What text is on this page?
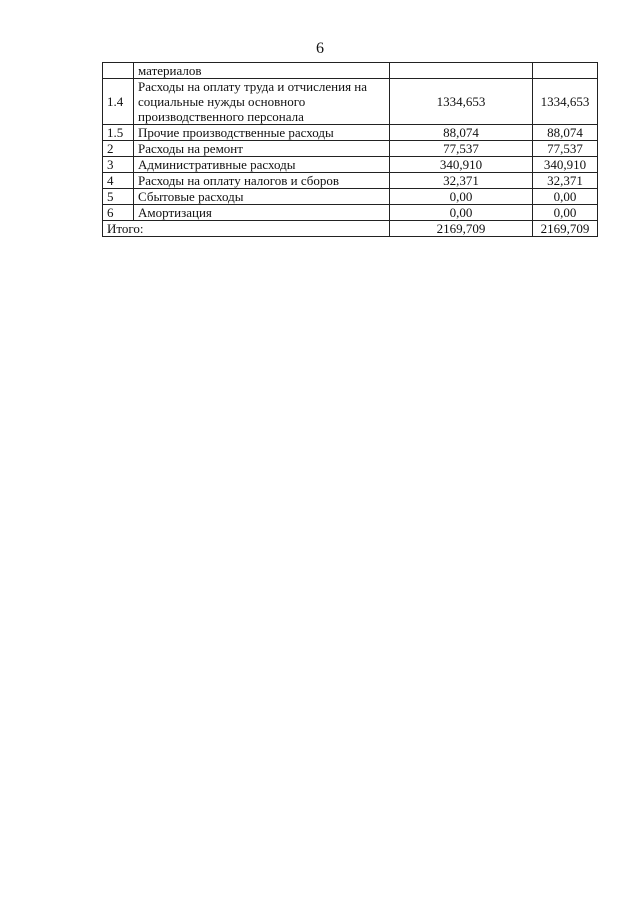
6
	материалов		
1.4	Расходы на оплату труда и отчисления на социальные нужды основного производственного персонала	1334,653	1334,653
1.5	Прочие производственные расходы	88,074	88,074
2	Расходы на ремонт	77,537	77,537
3	Административные расходы	340,910	340,910
4	Расходы на оплату налогов и сборов	32,371	32,371
5	Сбытовые расходы	0,00	0,00
6	Амортизация	0,00	0,00
Итого:		2169,709	2169,709
